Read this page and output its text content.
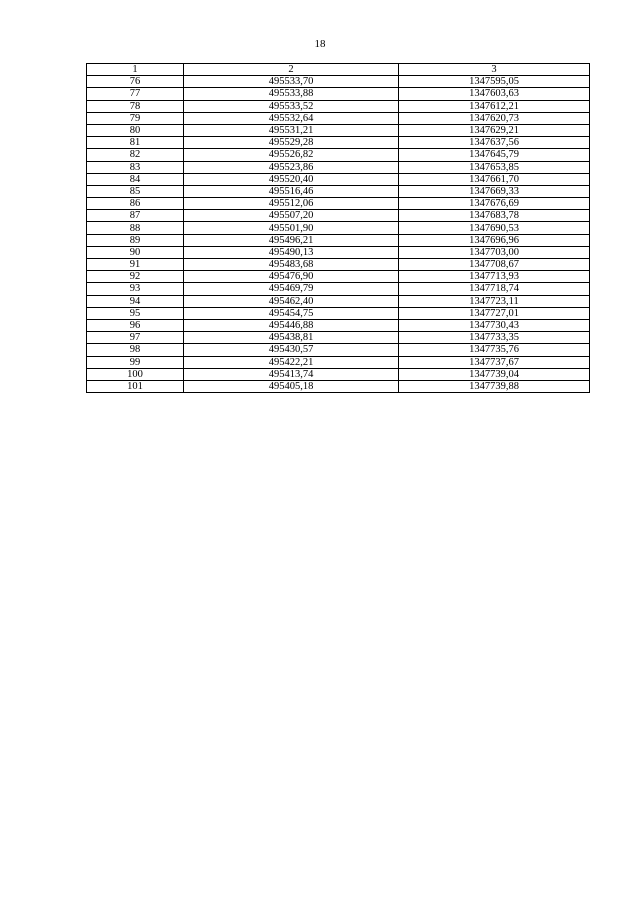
18
1	2	3
76	495533,70	1347595,05
77	495533,88	1347603,63
78	495533,52	1347612,21
79	495532,64	1347620,73
80	495531,21	1347629,21
81	495529,28	1347637,56
82	495526,82	1347645,79
83	495523,86	1347653,85
84	495520,40	1347661,70
85	495516,46	1347669,33
86	495512,06	1347676,69
87	495507,20	1347683,78
88	495501,90	1347690,53
89	495496,21	1347696,96
90	495490,13	1347703,00
91	495483,68	1347708,67
92	495476,90	1347713,93
93	495469,79	1347718,74
94	495462,40	1347723,11
95	495454,75	1347727,01
96	495446,88	1347730,43
97	495438,81	1347733,35
98	495430,57	1347735,76
99	495422,21	1347737,67
100	495413,74	1347739,04
101	495405,18	1347739,88
